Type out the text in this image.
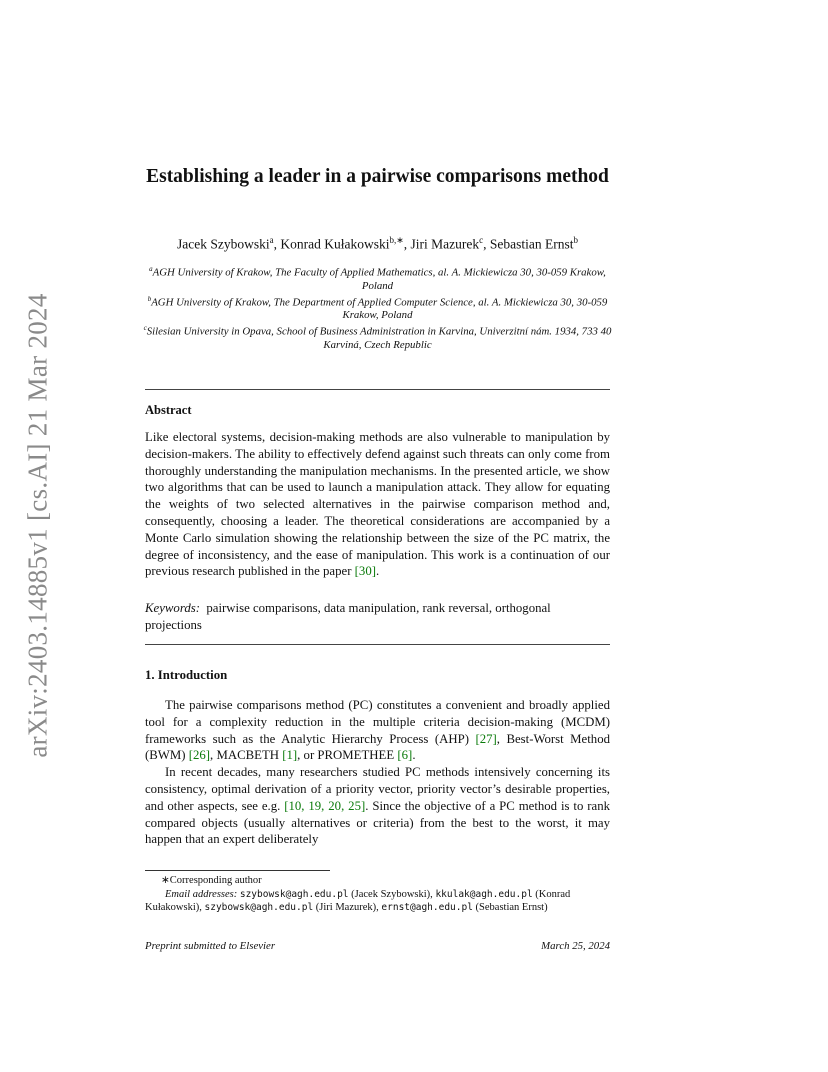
arXiv:2403.14885v1 [cs.AI] 21 Mar 2024
Establishing a leader in a pairwise comparisons method
Jacek Szybowski$^a$, Konrad Kułakowski$^{b,∗}$, Jiri Mazurek$^c$, Sebastian Ernst$^b$

$^a$AGH University of Krakow, The Faculty of Applied Mathematics, al. A. Mickiewicza 30, 30-059 Krakow, Poland

$^b$AGH University of Krakow, The Department of Applied Computer Science, al. A. Mickiewicza 30, 30-059 Krakow, Poland

$^c$Silesian University in Opava, School of Business Administration in Karvina, Univerzitní nám. 1934, 733 40 Karviná, Czech Republic

Abstract

Like electoral systems, decision-making methods are also vulnerable to manipulation by decision-makers. The ability to effectively defend against such threats can only come from thoroughly understanding the manipulation mechanisms. In the presented article, we show two algorithms that can be used to launch a manipulation attack. They allow for equating the weights of two selected alternatives in the pairwise comparison method and, consequently, choosing a leader. The theoretical considerations are accompanied by a Monte Carlo simulation showing the relationship between the size of the PC matrix, the degree of inconsistency, and the ease of manipulation. This work is a continuation of our previous research published in the paper [30].

Keywords: pairwise comparisons, data manipulation, rank reversal, orthogonal projections

1. Introduction

The pairwise comparisons method (PC) constitutes a convenient and broadly applied tool for a complexity reduction in the multiple criteria decision-making (MCDM) frameworks such as the Analytic Hierarchy Process (AHP) [27], Best-Worst Method (BWM) [26], MACBETH [1], or PROMETHEE [6].

In recent decades, many researchers studied PC methods intensively concerning its consistency, optimal derivation of a priority vector, priority vector’s desirable properties, and other aspects, see e.g. [10, 19, 20, 25]. Since the objective of a PC method is to rank compared objects (usually alternatives or criteria) from the best to the worst, it may happen that an expert deliberately

∗Corresponding author

Email addresses: szybowsk@agh.edu.pl (Jacek Szybowski), kkulak@agh.edu.pl (Konrad Kułakowski), szybowsk@agh.edu.pl (Jiri Mazurek), ernst@agh.edu.pl (Sebastian Ernst)

Preprint submitted to Elsevier	March 25, 2024
